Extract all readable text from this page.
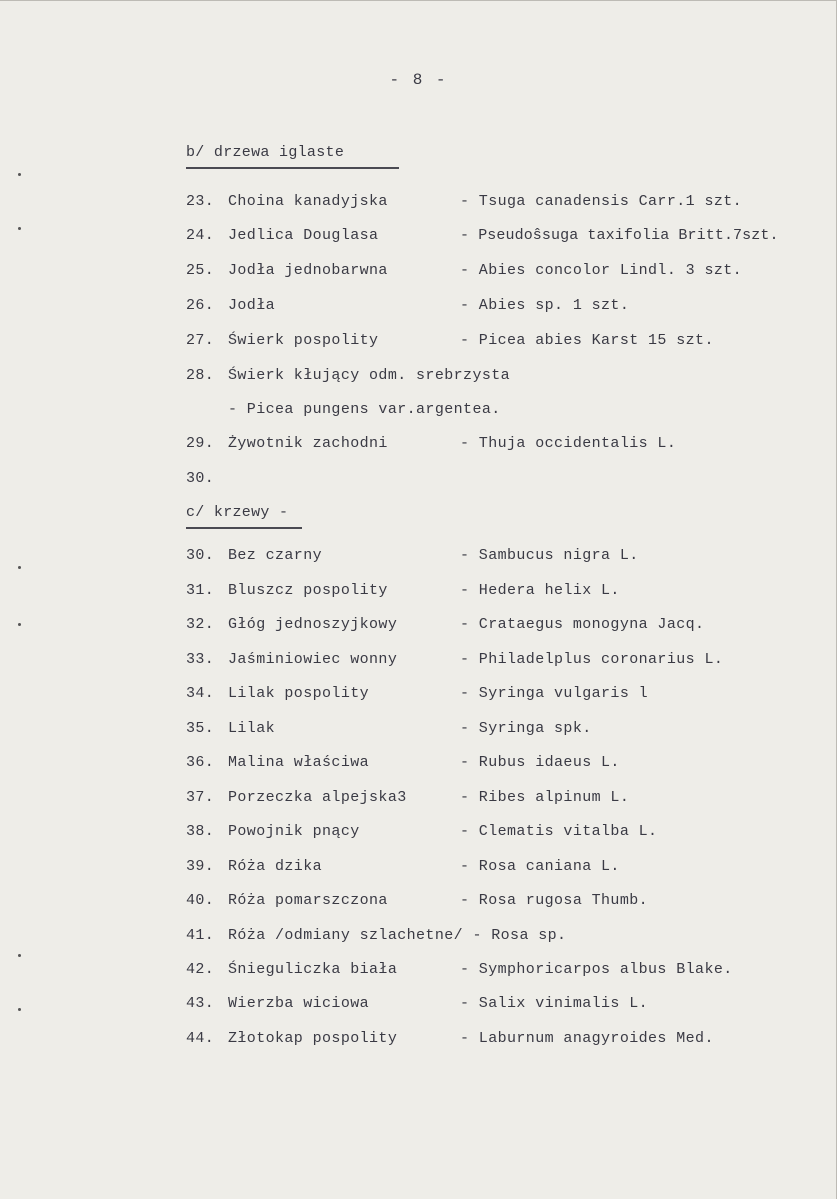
- 8 -
b/ drzewa iglaste
23. Choina kanadyjska	- Tsuga canadensis Carr.1 szt.
24. Jedlica Douglasa	- Pseudoŝsuga taxifolia Britt.7szt.
25. Jodła jednobarwna	- Abies concolor Lindl. 3 szt.
26. Jodła	- Abies sp. 1 szt.
27. Świerk pospolity	- Picea abies Karst 15 szt.
28. Świerk kłujący odm. srebrzysta
- Picea pungens var.argentea.
29. Żywotnik zachodni	- Thuja occidentalis L.
30.
c/ krzewy -
30. Bez czarny	- Sambucus nigra L.
31. Bluszcz pospolity	- Hedera helix L.
32. Głóg jednoszyjkowy	- Crataegus monogyna Jacq.
33. Jaśminiowiec wonny	- Philadelplus coronarius L.
34. Lilak pospolity	- Syringa vulgaris l
35. Lilak	- Syringa spk.
36. Malina właściwa	- Rubus idaeus L.
37. Porzeczka alpejska3	- Ribes alpinum L.
38. Powojnik pnący	- Clematis vitalba L.
39. Róża dzika	- Rosa caniana L.
40. Róża pomarszczona	- Rosa rugosa Thumb.
41. Róża /odmiany szlachetne/ - Rosa sp.
42. Śnieguliczka biała	- Symphoricarpos albus Blake.
43. Wierzba wiciowa	- Salix vinimalis L.
44. Złotokap pospolity	- Laburnum anagyroides Med.
